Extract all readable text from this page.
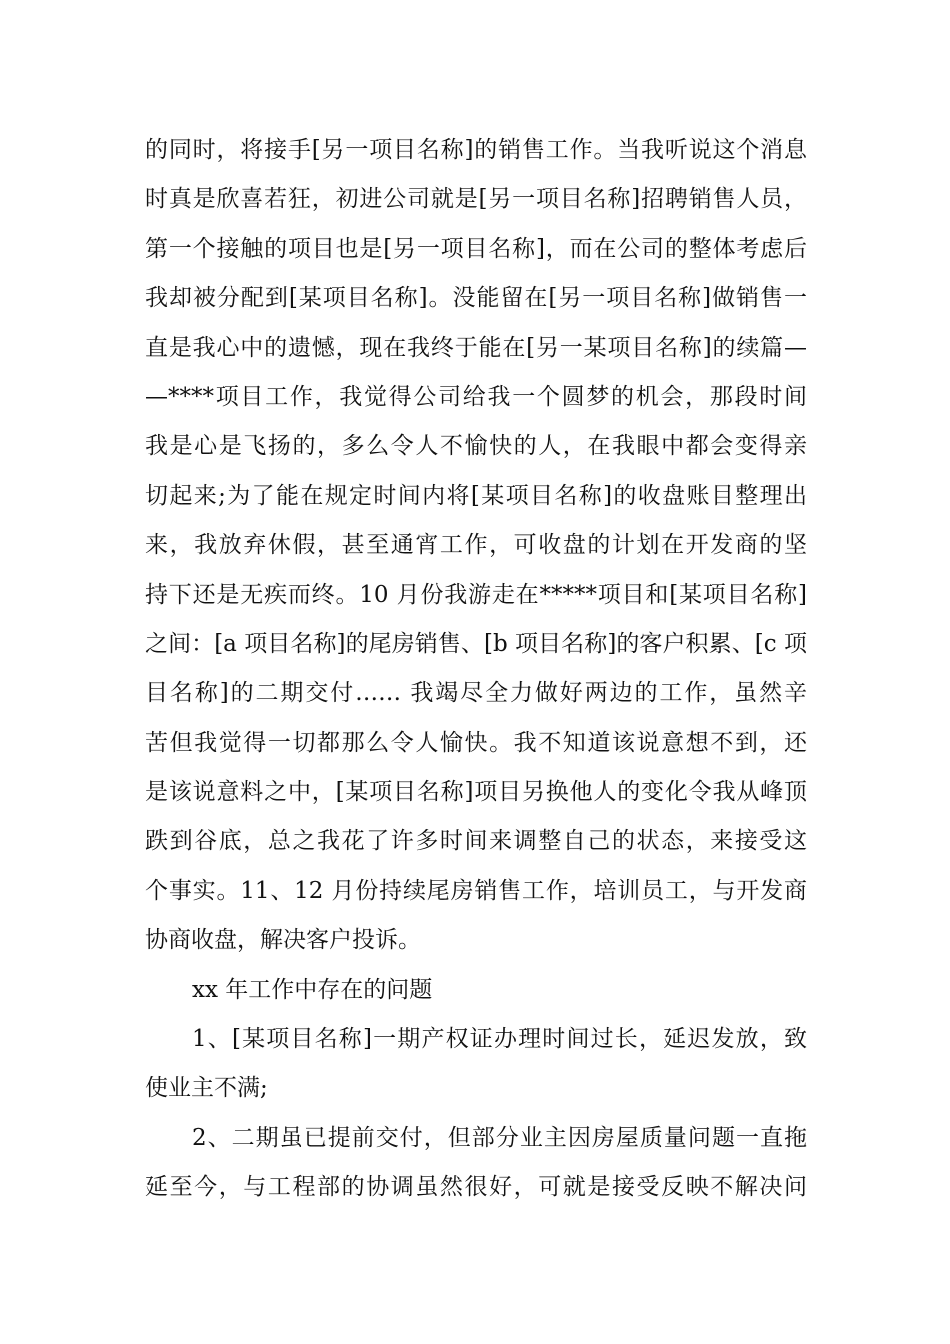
的同时，将接手[另一项目名称]的销售工作。当我听说这个消息
时真是欣喜若狂，初进公司就是[另一项目名称]招聘销售人员，
第一个接触的项目也是[另一项目名称]，而在公司的整体考虑后
我却被分配到[某项目名称]。没能留在[另一项目名称]做销售一
直是我心中的遗憾，现在我终于能在[另一某项目名称]的续篇—
—****项目工作，我觉得公司给我一个圆梦的机会，那段时间
我是心是飞扬的，多么令人不愉快的人，在我眼中都会变得亲
切起来;为了能在规定时间内将[某项目名称]的收盘账目整理出
来，我放弃休假，甚至通宵工作，可收盘的计划在开发商的坚
持下还是无疾而终。10 月份我游走在*****项目和[某项目名称]
之间：[a 项目名称]的尾房销售、[b 项目名称]的客户积累、[c 项
目名称]的二期交付…… 我竭尽全力做好两边的工作，虽然辛
苦但我觉得一切都那么令人愉快。我不知道该说意想不到，还
是该说意料之中，[某项目名称]项目另换他人的变化令我从峰顶
跌到谷底，总之我花了许多时间来调整自己的状态，来接受这
个事实。11、12 月份持续尾房销售工作，培训员工，与开发商
协商收盘，解决客户投诉。
xx 年工作中存在的问题
1、[某项目名称]一期产权证办理时间过长，延迟发放，致
使业主不满;
2、二期虽已提前交付，但部分业主因房屋质量问题一直拖
延至今，与工程部的协调虽然很好，可就是接受反映不解决问
